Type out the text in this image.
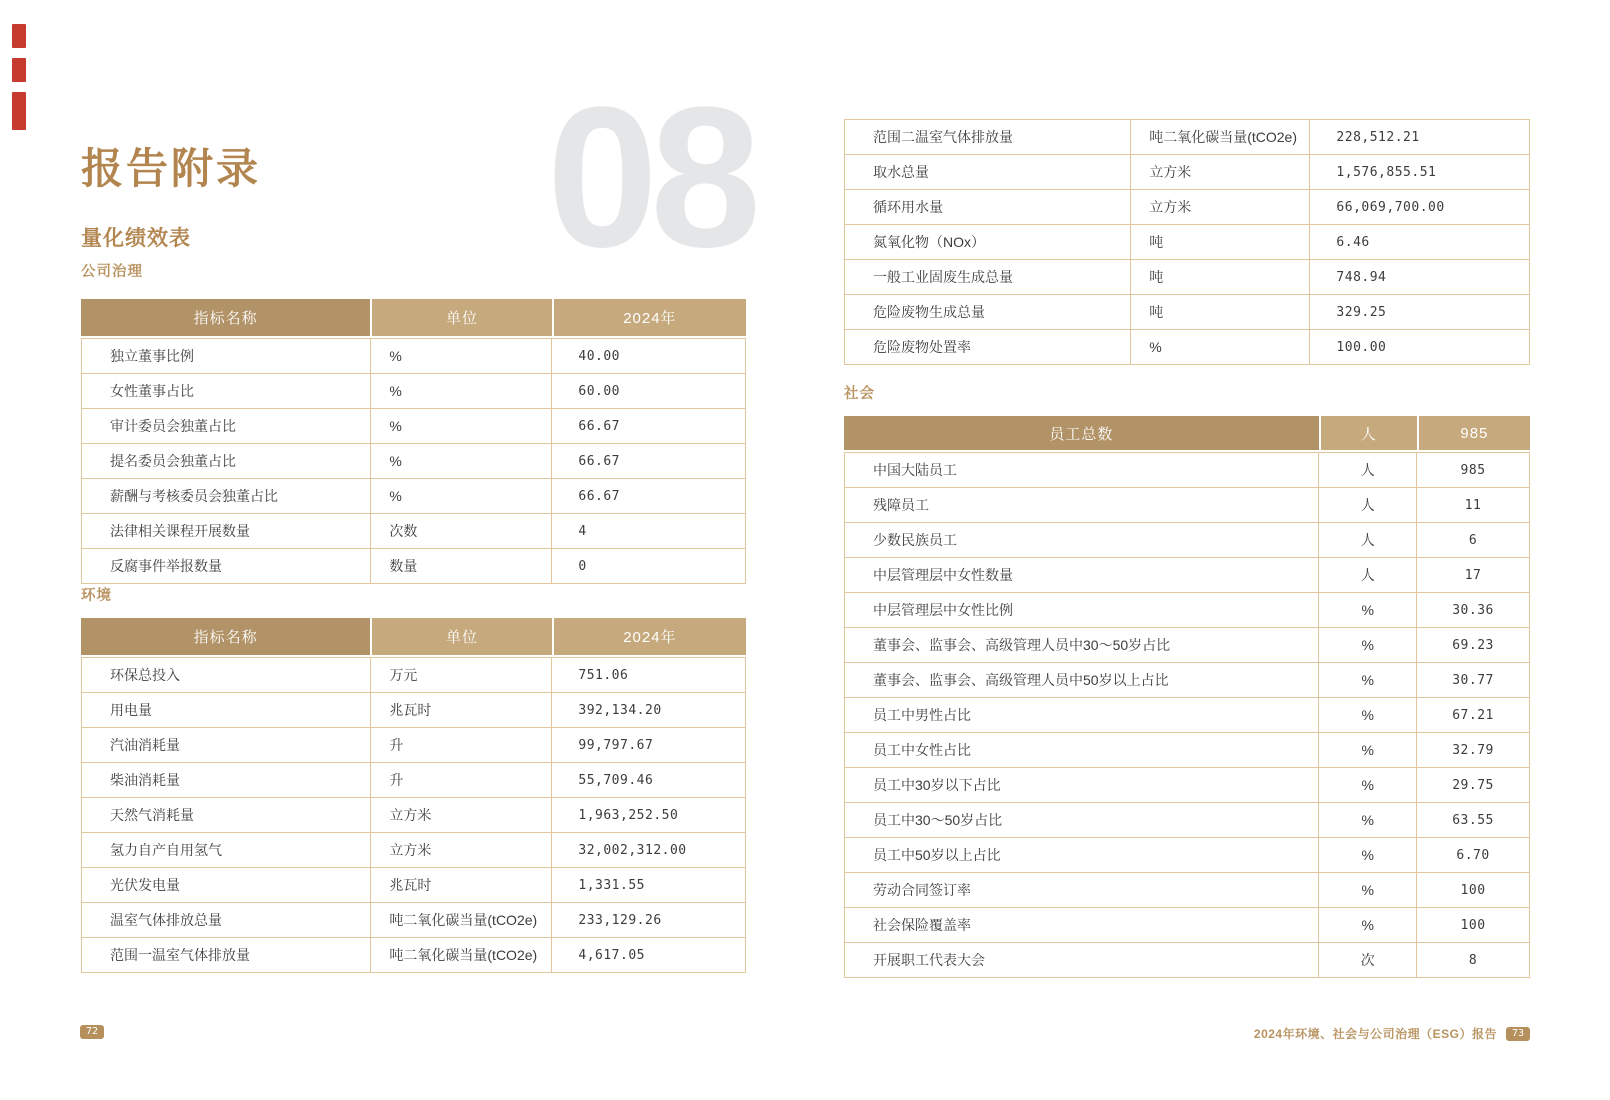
08
报告附录
量化绩效表
公司治理
指标名称	单位	2024年
独立董事比例	%	40.00
女性董事占比	%	60.00
审计委员会独董占比	%	66.67
提名委员会独董占比	%	66.67
薪酬与考核委员会独董占比	%	66.67
法律相关课程开展数量	次数	4
反腐事件举报数量	数量	0
环境
指标名称	单位	2024年
环保总投入	万元	751.06
用电量	兆瓦时	392,134.20
汽油消耗量	升	99,797.67
柴油消耗量	升	55,709.46
天然气消耗量	立方米	1,963,252.50
氢力自产自用氢气	立方米	32,002,312.00
光伏发电量	兆瓦时	1,331.55
温室气体排放总量	吨二氧化碳当量(tCO2e)	233,129.26
范围一温室气体排放量	吨二氧化碳当量(tCO2e)	4,617.05
范围二温室气体排放量	吨二氧化碳当量(tCO2e)	228,512.21
取水总量	立方米	1,576,855.51
循环用水量	立方米	66,069,700.00
氮氧化物（NOx）	吨	6.46
一般工业固废生成总量	吨	748.94
危险废物生成总量	吨	329.25
危险废物处置率	%	100.00
社会
员工总数	人	985
中国大陆员工	人	985
残障员工	人	11
少数民族员工	人	6
中层管理层中女性数量	人	17
中层管理层中女性比例	%	30.36
董事会、监事会、高级管理人员中30～50岁占比	%	69.23
董事会、监事会、高级管理人员中50岁以上占比	%	30.77
员工中男性占比	%	67.21
员工中女性占比	%	32.79
员工中30岁以下占比	%	29.75
员工中30～50岁占比	%	63.55
员工中50岁以上占比	%	6.70
劳动合同签订率	%	100
社会保险覆盖率	%	100
开展职工代表大会	次	8
72	2024年环境、社会与公司治理（ESG）报告	73
